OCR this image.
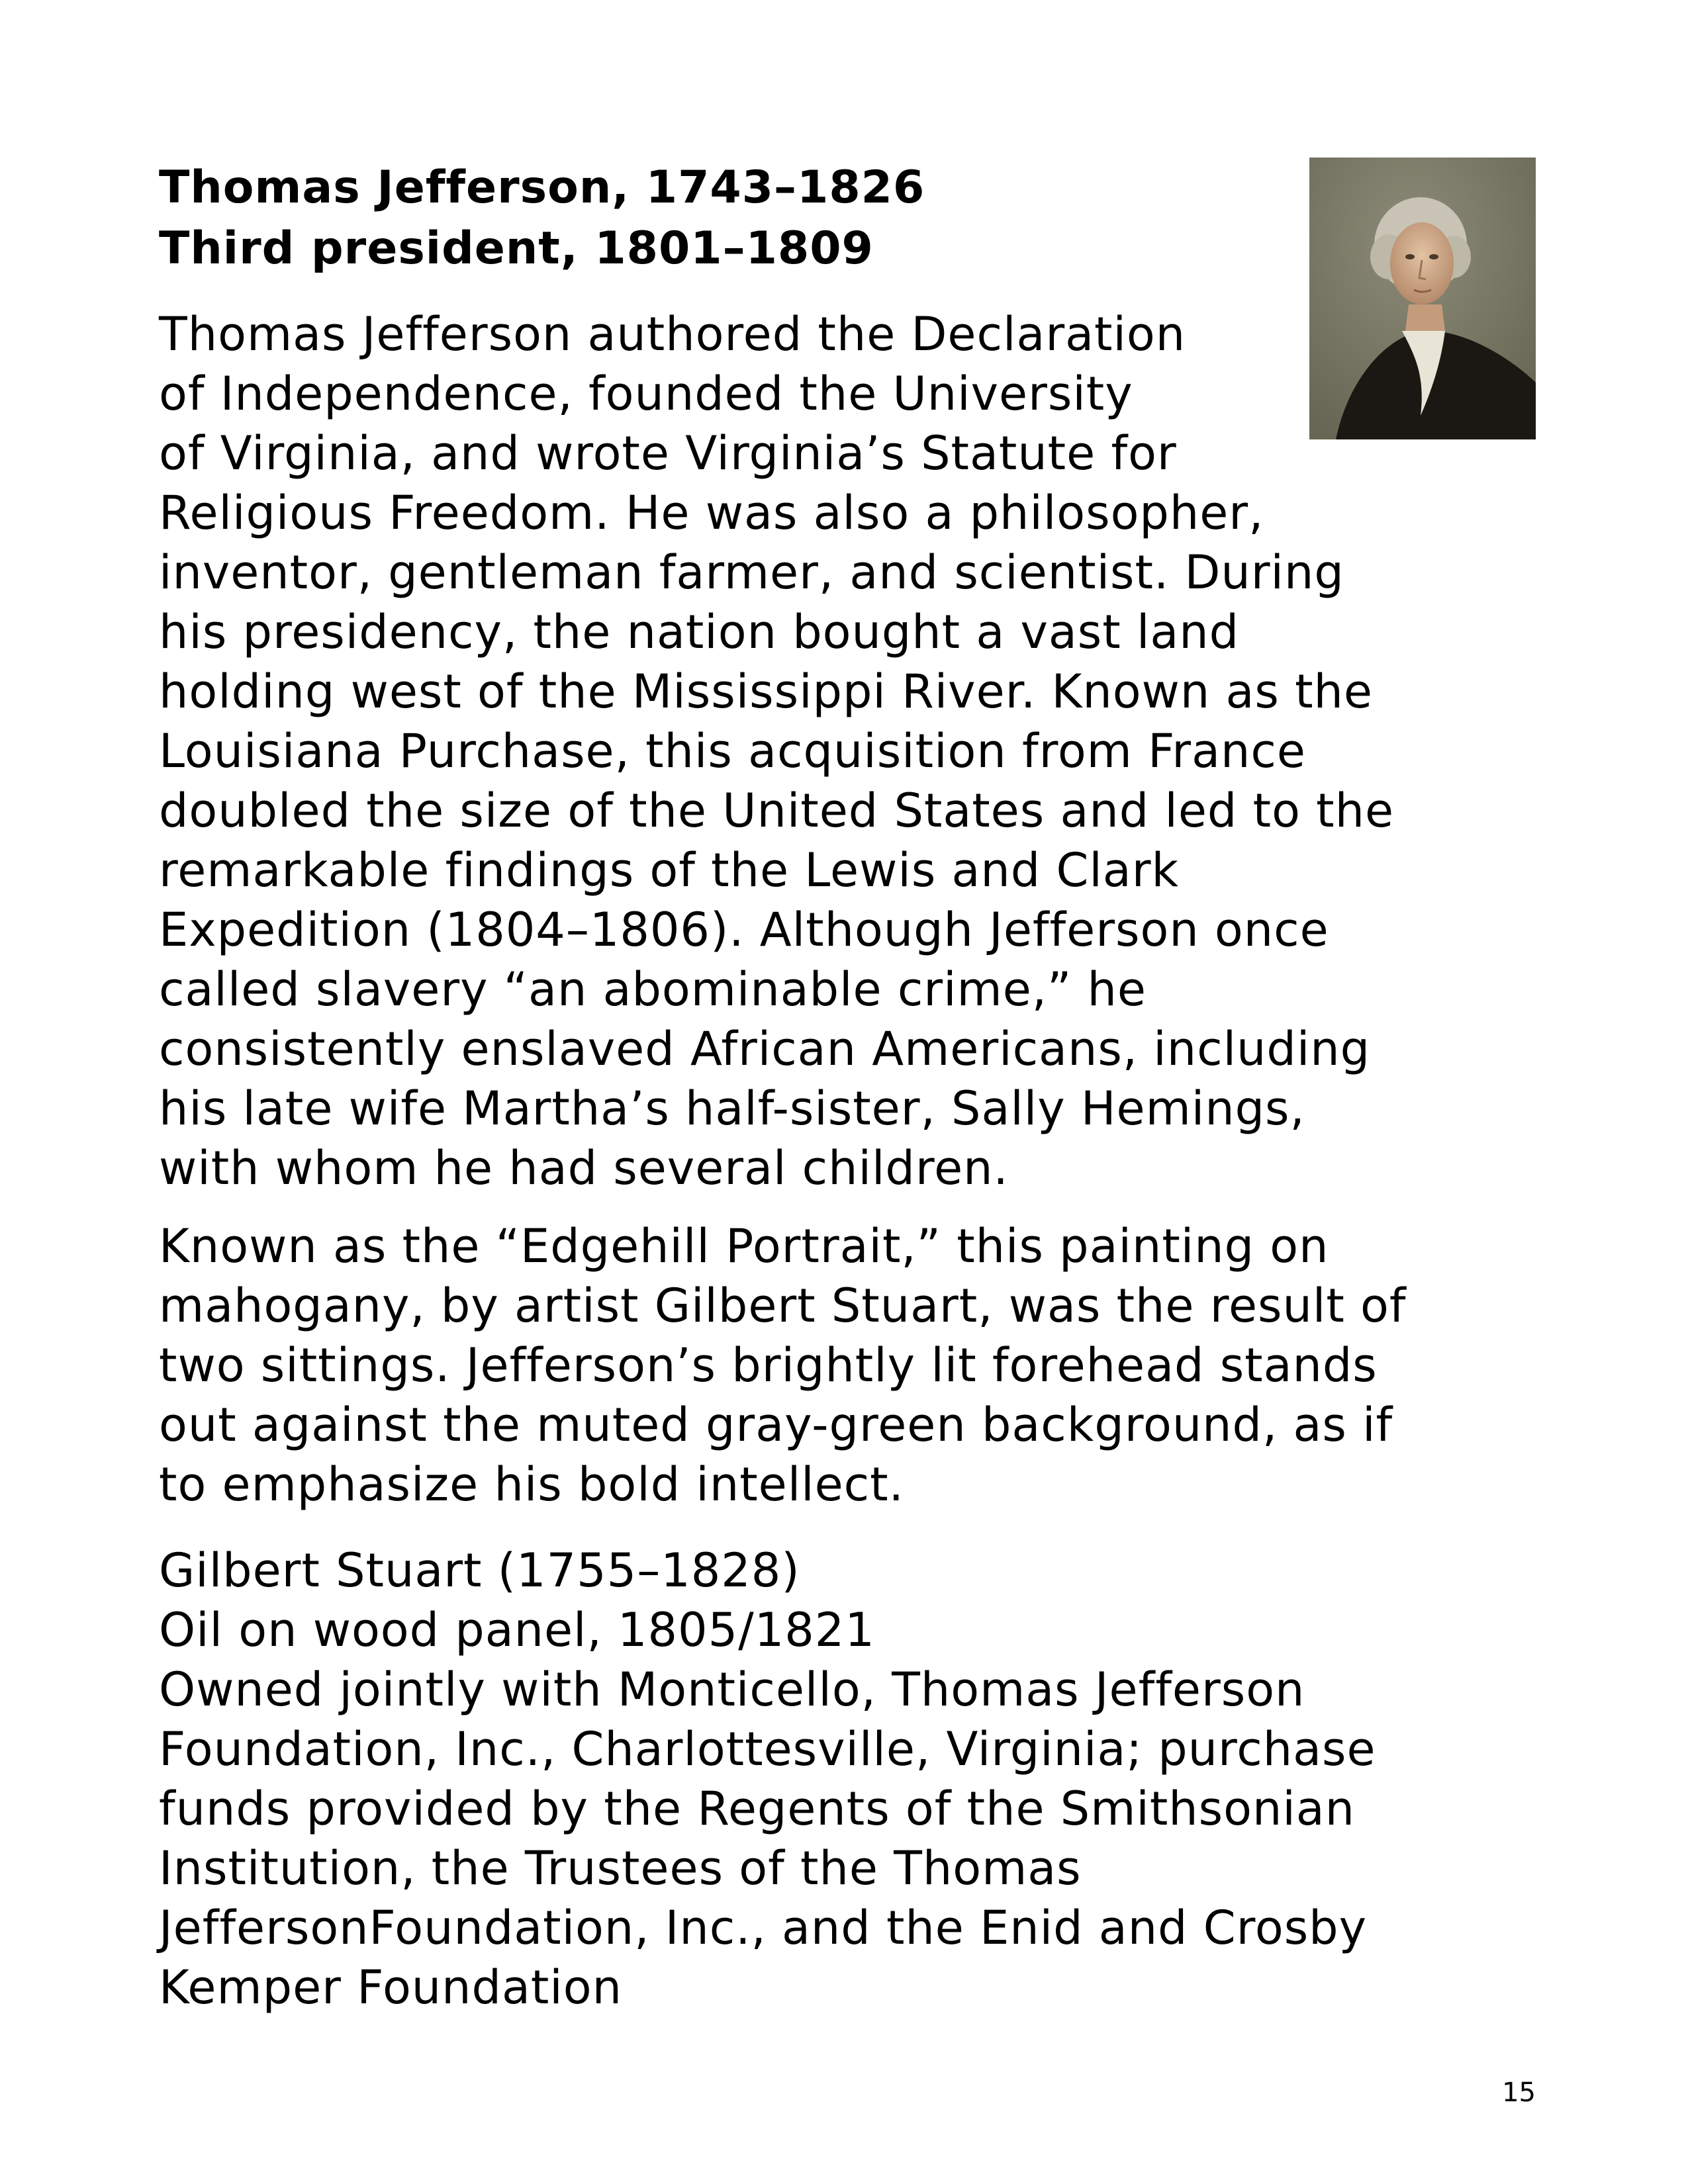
Thomas Jefferson, 1743–1826
Third president, 1801–1809
Thomas Jefferson authored the Declaration
of Independence, founded the University
of Virginia, and wrote Virginia’s Statute for
Religious Freedom. He was also a philosopher,
inventor, gentleman farmer, and scientist. During
his presidency, the nation bought a vast land
holding west of the Mississippi River. Known as the
Louisiana Purchase, this acquisition from France
doubled the size of the United States and led to the
remarkable findings of the Lewis and Clark
Expedition (1804–1806). Although Jefferson once
called slavery “an abominable crime,” he
consistently enslaved African Americans, including
his late wife Martha’s half-sister, Sally Hemings,
with whom he had several children.
Known as the “Edgehill Portrait,” this painting on
mahogany, by artist Gilbert Stuart, was the result of
two sittings. Jefferson’s brightly lit forehead stands
out against the muted gray-green background, as if
to emphasize his bold intellect.
Gilbert Stuart (1755–1828)
Oil on wood panel, 1805/1821
Owned jointly with Monticello, Thomas Jefferson
Foundation, Inc., Charlottesville, Virginia; purchase
funds provided by the Regents of the Smithsonian
Institution, the Trustees of the Thomas
JeffersonFoundation, Inc., and the Enid and Crosby
Kemper Foundation
15
